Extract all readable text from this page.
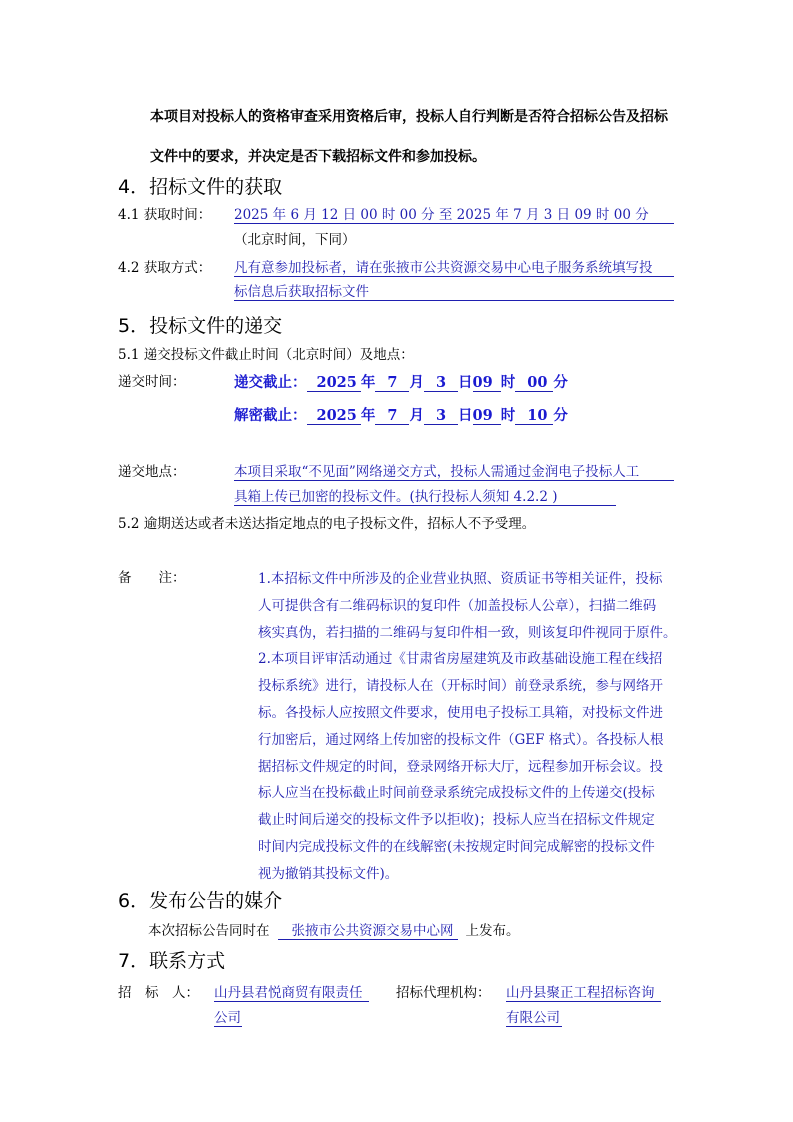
本项目对投标人的资格审查采用资格后审，投标人自行判断是否符合招标公告及招标
文件中的要求，并决定是否下载招标文件和参加投标。
4．招标文件的获取
4.1 获取时间： 2025 年 6 月 12 日 00 时 00 分 至 2025 年 7 月 3 日 09 时 00 分
（北京时间，下同）
4.2 获取方式： 凡有意参加投标者，请在张掖市公共资源交易中心电子服务系统填写投
标信息后获取招标文件
5．投标文件的递交
5.1 递交投标文件截止时间（北京时间）及地点：
递交时间：	递交截止： 2025 年 7 月 3 日09 时 00 分
解密截止： 2025 年 7 月 3 日09 时 10 分
递交地点：	本项目采取“不见面”网络递交方式，投标人需通过金润电子投标人工
具箱上传已加密的投标文件。(执行投标人须知 4.2.2 )
5.2 逾期送达或者未送达指定地点的电子投标文件，招标人不予受理。
备　　注：	1.本招标文件中所涉及的企业营业执照、资质证书等相关证件，投标
人可提供含有二维码标识的复印件（加盖投标人公章），扫描二维码
核实真伪，若扫描的二维码与复印件相一致，则该复印件视同于原件。
2.本项目评审活动通过《甘肃省房屋建筑及市政基础设施工程在线招
投标系统》进行，请投标人在（开标时间）前登录系统，参与网络开
标。各投标人应按照文件要求，使用电子投标工具箱，对投标文件进
行加密后，通过网络上传加密的投标文件（GEF 格式）。各投标人根
据招标文件规定的时间，登录网络开标大厅，远程参加开标会议。投
标人应当在投标截止时间前登录系统完成投标文件的上传递交(投标
截止时间后递交的投标文件予以拒收)；投标人应当在招标文件规定
时间内完成投标文件的在线解密(未按规定时间完成解密的投标文件
视为撤销其投标文件)。
6．发布公告的媒介
本次招标公告同时在 张掖市公共资源交易中心网 上发布。
7．联系方式
招　标　人： 山丹县君悦商贸有限责任
公司
招标代理机构： 山丹县聚正工程招标咨询
有限公司
